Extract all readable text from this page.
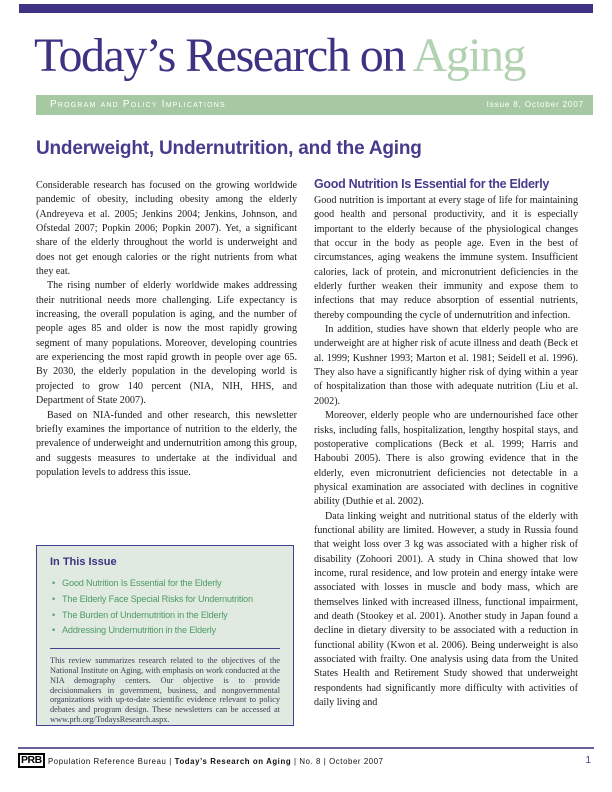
Today’s Research on Aging
Program and Policy Implications	Issue 8, October 2007
Underweight, Undernutrition, and the Aging

Considerable research has focused on the growing worldwide pandemic of obesity, including obesity among the elderly (Andreyeva et al. 2005; Jenkins 2004; Jenkins, Johnson, and Ofstedal 2007; Popkin 2006; Popkin 2007). Yet, a significant share of the elderly throughout the world is underweight and does not get enough calories or the right nutrients from what they eat.

The rising number of elderly worldwide makes addressing their nutritional needs more challenging. Life expectancy is increasing, the overall population is aging, and the number of people ages 85 and older is now the most rapidly growing segment of many populations. Moreover, developing countries are experiencing the most rapid growth in people over age 65. By 2030, the elderly population in the developing world is projected to grow 140 percent (NIA, NIH, HHS, and Department of State 2007).

Based on NIA-funded and other research, this newsletter briefly examines the importance of nutrition to the elderly, the prevalence of underweight and undernutrition among this group, and suggests measures to undertake at the individual and population levels to address this issue.

In This Issue
• Good Nutrition Is Essential for the Elderly
• The Elderly Face Special Risks for Undernutrition
• The Burden of Undernutrition in the Elderly
• Addressing Undernutrition in the Elderly

This review summarizes research related to the objectives of the National Institute on Aging, with emphasis on work conducted at the NIA demography centers. Our objective is to provide decisionmakers in government, business, and nongovernmental organizations with up-to-date scientific evidence relevant to policy debates and program design. These newsletters can be accessed at www.prb.org/TodaysResearch.aspx.

Good Nutrition Is Essential for the Elderly

Good nutrition is important at every stage of life for maintaining good health and personal productivity, and it is especially important to the elderly because of the physiological changes that occur in the body as people age. Even in the best of circumstances, aging weakens the immune system. Insufficient calories, lack of protein, and micronutrient deficiencies in the elderly further weaken their immunity and expose them to infections that may reduce absorption of essential nutrients, thereby compounding the cycle of undernutrition and infection.

In addition, studies have shown that elderly people who are underweight are at higher risk of acute illness and death (Beck et al. 1999; Kushner 1993; Marton et al. 1981; Seidell et al. 1996). They also have a significantly higher risk of dying within a year of hospitalization than those with adequate nutrition (Liu et al. 2002).

Moreover, elderly people who are undernourished face other risks, including falls, hospitalization, lengthy hospital stays, and postoperative complications (Beck et al. 1999; Harris and Haboubi 2005). There is also growing evidence that in the elderly, even micronutrient deficiencies not detectable in a physical examination are associated with declines in cognitive ability (Duthie et al. 2002).

Data linking weight and nutritional status of the elderly with functional ability are limited. However, a study in Russia found that weight loss over 3 kg was associated with a higher risk of disability (Zohoori 2001). A study in China showed that low income, rural residence, and low protein and energy intake were associated with losses in muscle and body mass, which are themselves linked with increased illness, functional impairment, and death (Stookey et al. 2001). Another study in Japan found a decline in dietary diversity to be associated with a reduction in functional ability (Kwon et al. 2006). Being underweight is also associated with frailty. One analysis using data from the United States Health and Retirement Study showed that underweight respondents had significantly more difficulty with activities of daily living and

PRB Population Reference Bureau | Today’s Research on Aging | No. 8 | October 2007	1
